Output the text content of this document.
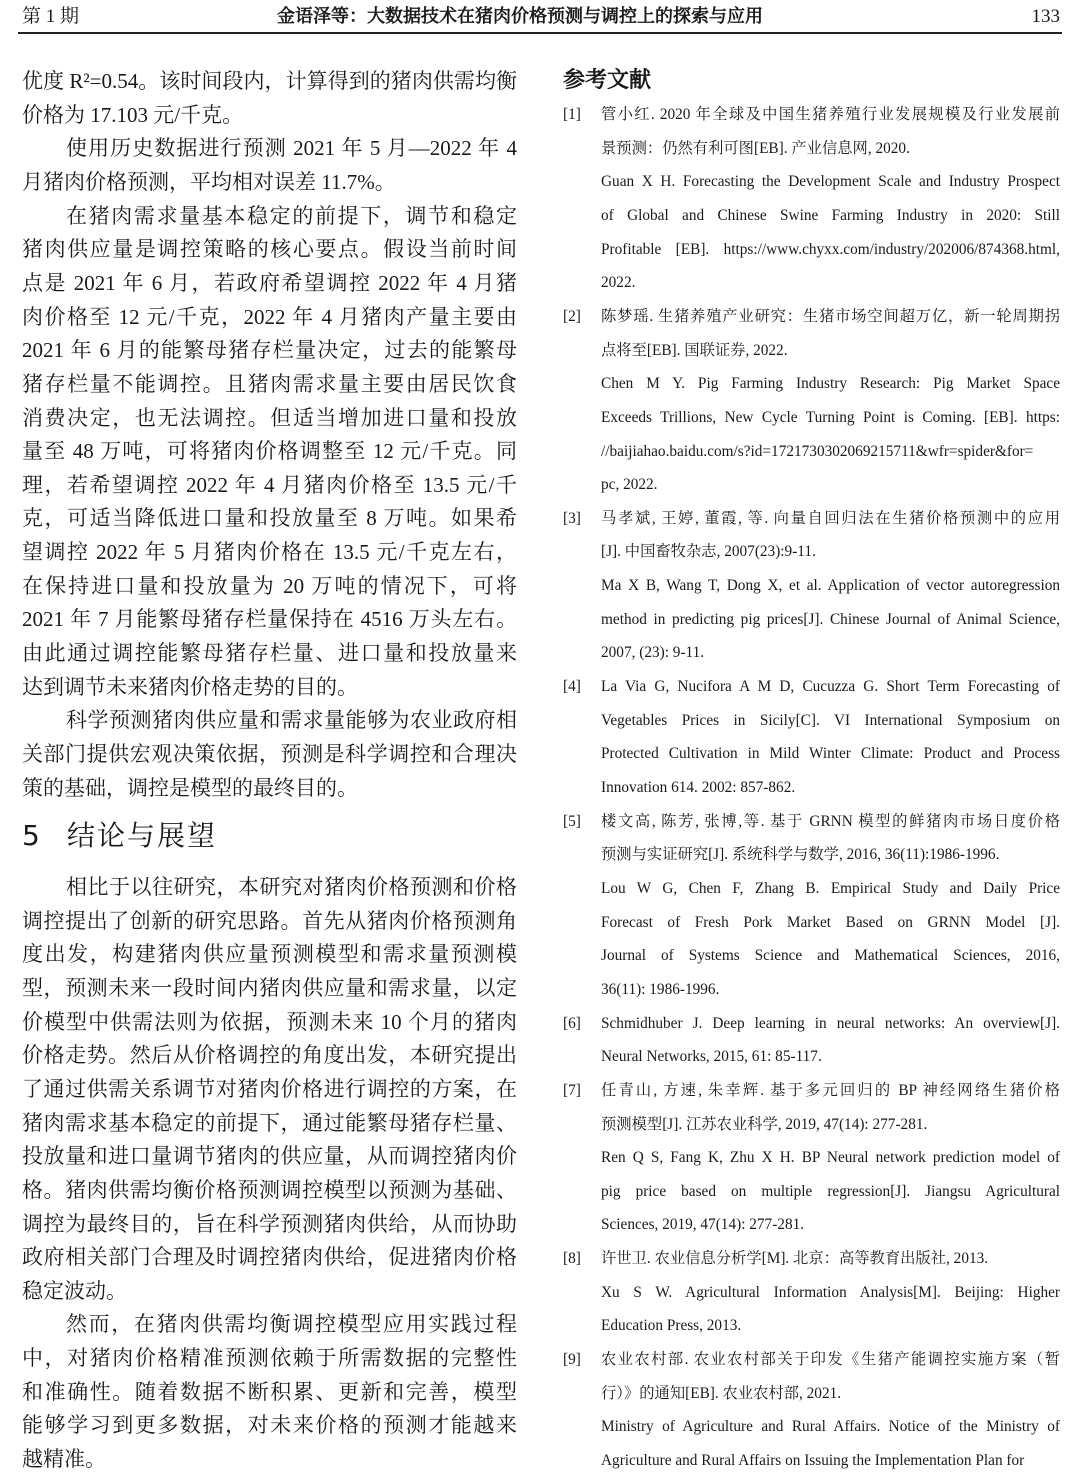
第 1 期	金语泽等：大数据技术在猪肉价格预测与调控上的探索与应用	133
优度 R²=0.54。该时间段内，计算得到的猪肉供需均衡
价格为 17.103 元/千克。
使用历史数据进行预测 2021 年 5 月—2022 年 4
月猪肉价格预测，平均相对误差 11.7%。
在猪肉需求量基本稳定的前提下，调节和稳定
猪肉供应量是调控策略的核心要点。假设当前时间
点是 2021 年 6 月，若政府希望调控 2022 年 4 月猪
肉价格至 12 元/千克，2022 年 4 月猪肉产量主要由
2021 年 6 月的能繁母猪存栏量决定，过去的能繁母
猪存栏量不能调控。且猪肉需求量主要由居民饮食
消费决定，也无法调控。但适当增加进口量和投放
量至 48 万吨，可将猪肉价格调整至 12 元/千克。同
理，若希望调控 2022 年 4 月猪肉价格至 13.5 元/千
克，可适当降低进口量和投放量至 8 万吨。如果希
望调控 2022 年 5 月猪肉价格在 13.5 元/千克左右，
在保持进口量和投放量为 20 万吨的情况下，可将
2021 年 7 月能繁母猪存栏量保持在 4516 万头左右。
由此通过调控能繁母猪存栏量、进口量和投放量来
达到调节未来猪肉价格走势的目的。
科学预测猪肉供应量和需求量能够为农业政府相
关部门提供宏观决策依据，预测是科学调控和合理决
策的基础，调控是模型的最终目的。
相比于以往研究，本研究对猪肉价格预测和价格
调控提出了创新的研究思路。首先从猪肉价格预测角
度出发，构建猪肉供应量预测模型和需求量预测模
型，预测未来一段时间内猪肉供应量和需求量，以定
价模型中供需法则为依据，预测未来 10 个月的猪肉
价格走势。然后从价格调控的角度出发，本研究提出
了通过供需关系调节对猪肉价格进行调控的方案，在
猪肉需求基本稳定的前提下，通过能繁母猪存栏量、
投放量和进口量调节猪肉的供应量，从而调控猪肉价
格。猪肉供需均衡价格预测调控模型以预测为基础、
调控为最终目的，旨在科学预测猪肉供给，从而协助
政府相关部门合理及时调控猪肉供给，促进猪肉价格
稳定波动。
然而，在猪肉供需均衡调控模型应用实践过程
中，对猪肉价格精准预测依赖于所需数据的完整性
和准确性。随着数据不断积累、更新和完善，模型
能够学习到更多数据，对未来价格的预测才能越来
越精准。
5 结论与展望
参考文献
[1] 管小红. 2020 年全球及中国生猪养殖行业发展规模及行业发展前
景预测：仍然有利可图[EB]. 产业信息网, 2020.
Guan X H. Forecasting the Development Scale and Industry Prospect
of Global and Chinese Swine Farming Industry in 2020: Still
Profitable [EB]. https://www.chyxx.com/industry/202006/874368.html,
2022.
[2] 陈梦瑶. 生猪养殖产业研究：生猪市场空间超万亿，新一轮周期拐
点将至[EB]. 国联证券, 2022.
Chen M Y. Pig Farming Industry Research: Pig Market Space
Exceeds Trillions, New Cycle Turning Point is Coming. [EB]. https:
//baijiahao.baidu.com/s?id=1721730302069215711&wfr=spider&for=
pc, 2022.
[3] 马孝斌, 王婷, 董霞, 等. 向量自回归法在生猪价格预测中的应用
[J]. 中国畜牧杂志, 2007(23):9-11.
Ma X B, Wang T, Dong X, et al. Application of vector autoregression
method in predicting pig prices[J]. Chinese Journal of Animal Science,
2007, (23): 9-11.
[4] La Via G, Nucifora A M D, Cucuzza G. Short Term Forecasting of
Vegetables Prices in Sicily[C]. VI International Symposium on
Protected Cultivation in Mild Winter Climate: Product and Process
Innovation 614. 2002: 857-862.
[5] 楼文高, 陈芳, 张博,等. 基于 GRNN 模型的鲜猪肉市场日度价格
预测与实证研究[J]. 系统科学与数学, 2016, 36(11):1986-1996.
Lou W G, Chen F, Zhang B. Empirical Study and Daily Price
Forecast of Fresh Pork Market Based on GRNN Model [J].
Journal of Systems Science and Mathematical Sciences, 2016,
36(11): 1986-1996.
[6] Schmidhuber J. Deep learning in neural networks: An overview[J].
Neural Networks, 2015, 61: 85-117.
[7] 任青山, 方速, 朱幸辉. 基于多元回归的 BP 神经网络生猪价格
预测模型[J]. 江苏农业科学, 2019, 47(14): 277-281.
Ren Q S, Fang K, Zhu X H. BP Neural network prediction model of
pig price based on multiple regression[J]. Jiangsu Agricultural
Sciences, 2019, 47(14): 277-281.
[8] 许世卫. 农业信息分析学[M]. 北京：高等教育出版社, 2013.
Xu S W. Agricultural Information Analysis[M]. Beijing: Higher
Education Press, 2013.
[9] 农业农村部. 农业农村部关于印发《生猪产能调控实施方案（暂
行）》的通知[EB]. 农业农村部, 2021.
Ministry of Agriculture and Rural Affairs. Notice of the Ministry of
Agriculture and Rural Affairs on Issuing the Implementation Plan for
